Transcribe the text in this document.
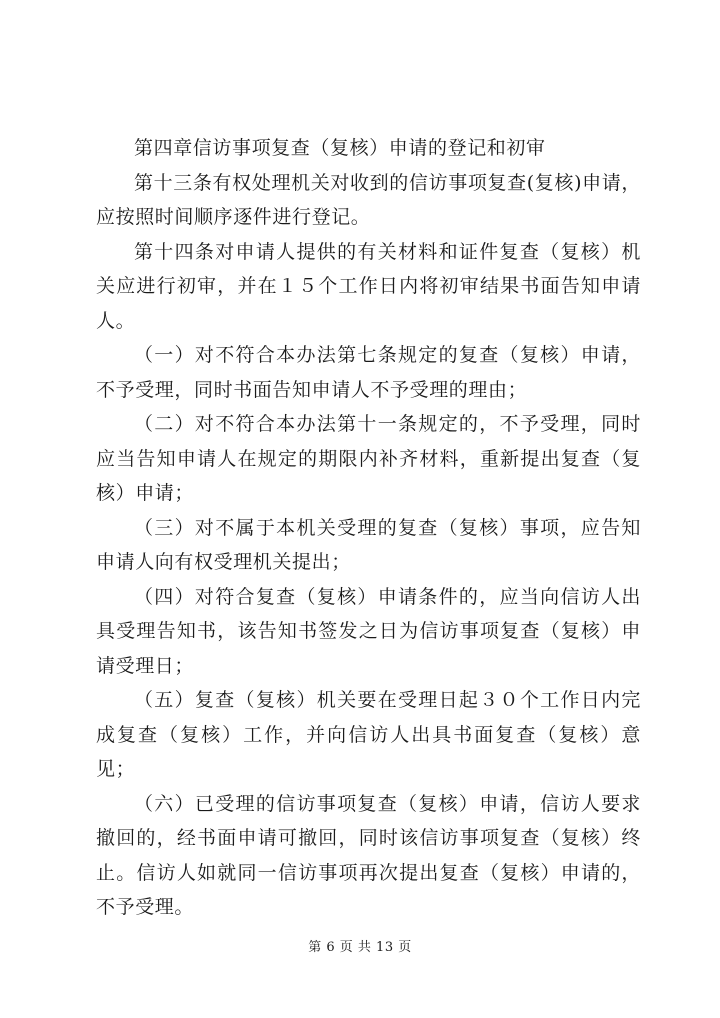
第四章信访事项复查（复核）申请的登记和初审

第十三条有权处理机关对收到的信访事项复查(复核)申请，应按照时间顺序逐件进行登记。

第十四条对申请人提供的有关材料和证件复查（复核）机关应进行初审，并在１５个工作日内将初审结果书面告知申请人。

（一）对不符合本办法第七条规定的复查（复核）申请，不予受理，同时书面告知申请人不予受理的理由；

（二）对不符合本办法第十一条规定的，不予受理，同时应当告知申请人在规定的期限内补齐材料，重新提出复查（复核）申请；

（三）对不属于本机关受理的复查（复核）事项，应告知申请人向有权受理机关提出；

（四）对符合复查（复核）申请条件的，应当向信访人出具受理告知书，该告知书签发之日为信访事项复查（复核）申请受理日；

（五）复查（复核）机关要在受理日起３０个工作日内完成复查（复核）工作，并向信访人出具书面复查（复核）意见；

（六）已受理的信访事项复查（复核）申请，信访人要求撤回的，经书面申请可撤回，同时该信访事项复查（复核）终止。信访人如就同一信访事项再次提出复查（复核）申请的，不予受理。

第 6 页 共 13 页
